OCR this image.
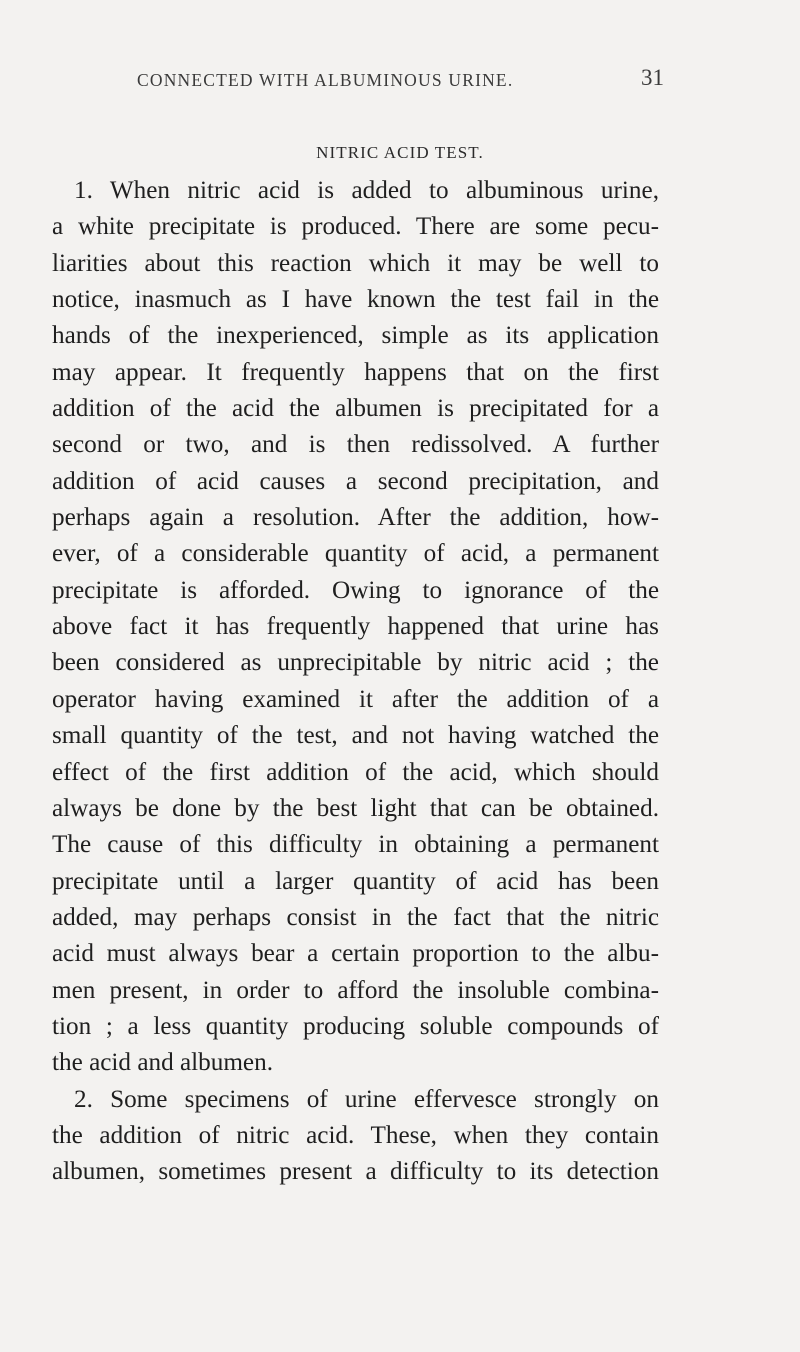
CONNECTED WITH ALBUMINOUS URINE.	31
NITRIC ACID TEST.
1. When nitric acid is added to albuminous urine,
a white precipitate is produced. There are some pecu-
liarities about this reaction which it may be well to
notice, inasmuch as I have known the test fail in the
hands of the inexperienced, simple as its application
may appear. It frequently happens that on the first
addition of the acid the albumen is precipitated for a
second or two, and is then redissolved. A further
addition of acid causes a second precipitation, and
perhaps again a resolution. After the addition, how-
ever, of a considerable quantity of acid, a permanent
precipitate is afforded. Owing to ignorance of the
above fact it has frequently happened that urine has
been considered as unprecipitable by nitric acid ; the
operator having examined it after the addition of a
small quantity of the test, and not having watched the
effect of the first addition of the acid, which should
always be done by the best light that can be obtained.
The cause of this difficulty in obtaining a permanent
precipitate until a larger quantity of acid has been
added, may perhaps consist in the fact that the nitric
acid must always bear a certain proportion to the albu-
men present, in order to afford the insoluble combina-
tion ; a less quantity producing soluble compounds of
the acid and albumen.
2. Some specimens of urine effervesce strongly on
the addition of nitric acid. These, when they contain
albumen, sometimes present a difficulty to its detection
